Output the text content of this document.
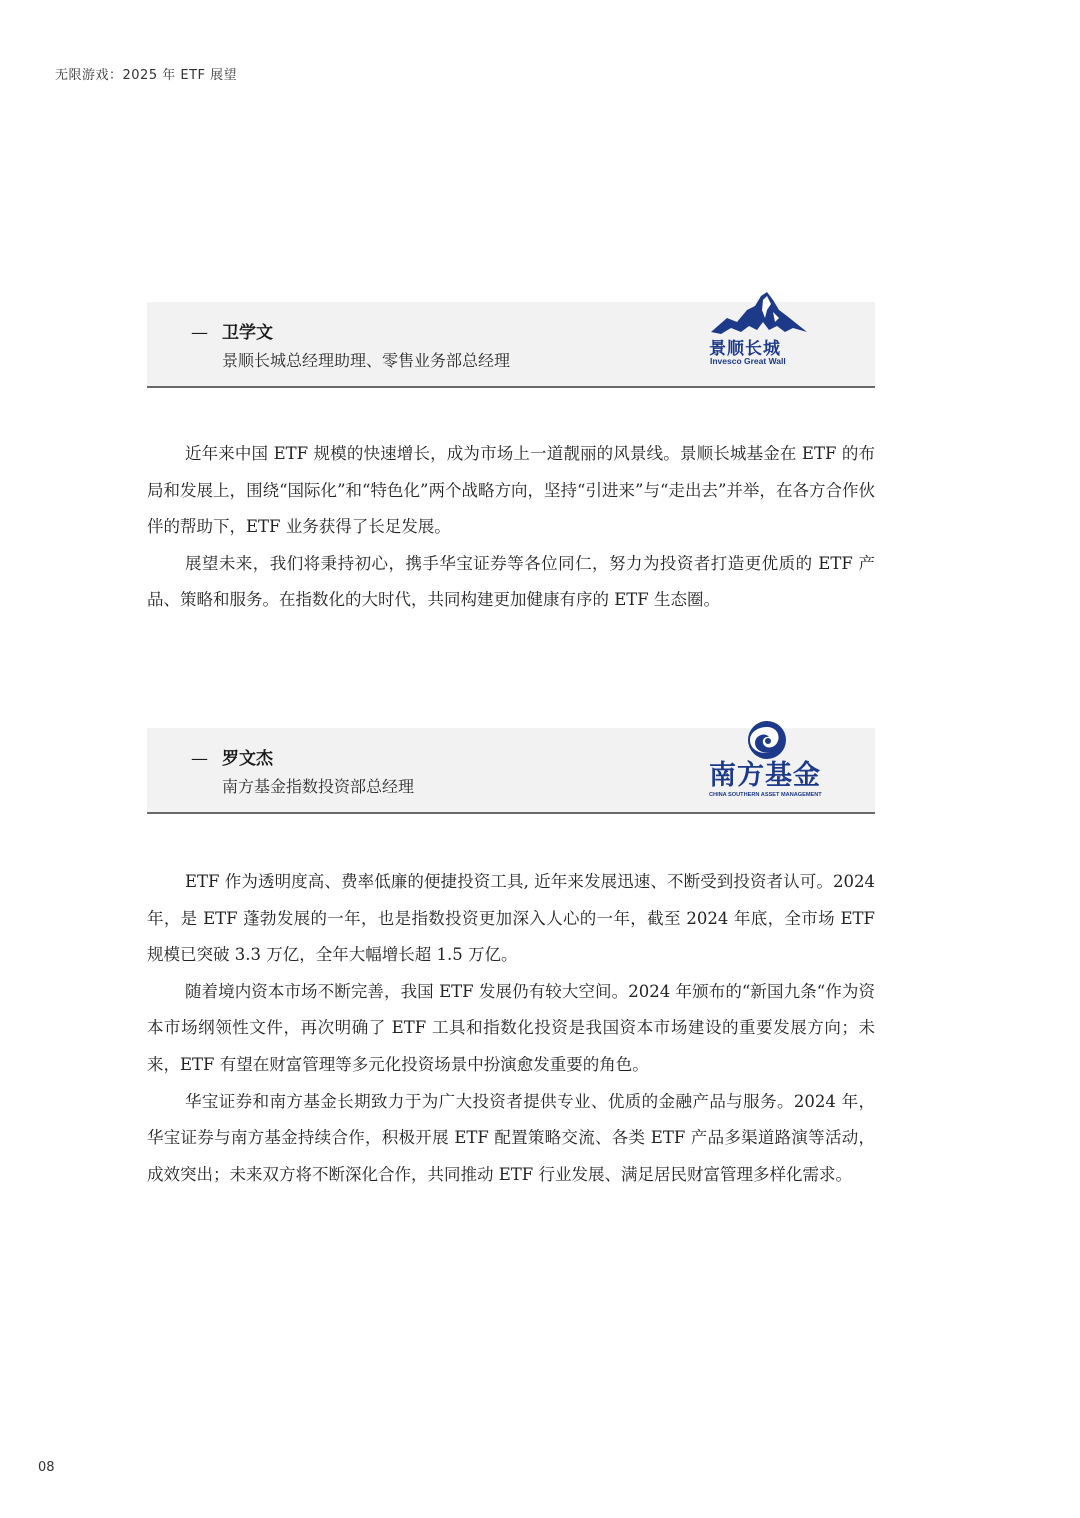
无限游戏：2025 年 ETF 展望
— 卫学文
景顺长城总经理助理、零售业务部总经理
景顺长城
Invesco Great Wall

近年来中国 ETF 规模的快速增长，成为市场上一道靓丽的风景线。景顺长城基金在 ETF 的布局和发展上，围绕“国际化”和“特色化”两个战略方向，坚持“引进来”与“走出去”并举，在各方合作伙伴的帮助下，ETF 业务获得了长足发展。

展望未来，我们将秉持初心，携手华宝证券等各位同仁，努力为投资者打造更优质的 ETF 产品、策略和服务。在指数化的大时代，共同构建更加健康有序的 ETF 生态圈。

— 罗文杰
南方基金指数投资部总经理	南方基金
CHINA SOUTHERN ASSET MANAGEMENT

ETF 作为透明度高、费率低廉的便捷投资工具, 近年来发展迅速、不断受到投资者认可。2024 年，是 ETF 蓬勃发展的一年，也是指数投资更加深入人心的一年，截至 2024 年底，全市场 ETF 规模已突破 3.3 万亿，全年大幅增长超 1.5 万亿。

随着境内资本市场不断完善，我国 ETF 发展仍有较大空间。2024 年颁布的“新国九条“作为资本市场纲领性文件，再次明确了 ETF 工具和指数化投资是我国资本市场建设的重要发展方向；未来，ETF 有望在财富管理等多元化投资场景中扮演愈发重要的角色。

华宝证券和南方基金长期致力于为广大投资者提供专业、优质的金融产品与服务。2024 年，华宝证券与南方基金持续合作，积极开展 ETF 配置策略交流、各类 ETF 产品多渠道路演等活动，成效突出；未来双方将不断深化合作，共同推动 ETF 行业发展、满足居民财富管理多样化需求。

08
